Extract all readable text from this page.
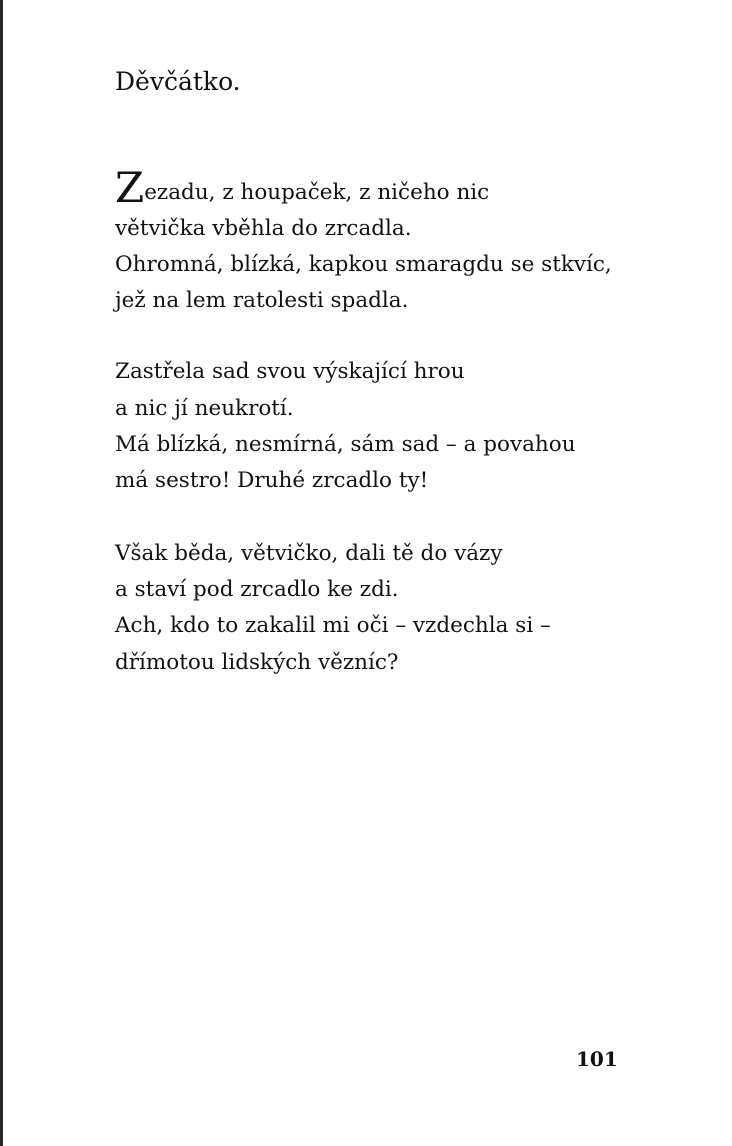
Děvčátko.
Zezadu, z houpaček, z ničeho nic
větvička vběhla do zrcadla.
Ohromná, blízká, kapkou smaragdu se stkvíc,
jež na lem ratolesti spadla.
Zastřela sad svou výskající hrou
a nic jí neukrotí.
Má blízká, nesmírná, sám sad – a povahou
má sestro! Druhé zrcadlo ty!
Však běda, větvičko, dali tě do vázy
a staví pod zrcadlo ke zdi.
Ach, kdo to zakalil mi oči – vzdechla si –
dřímotou lidských vězníc?
101
